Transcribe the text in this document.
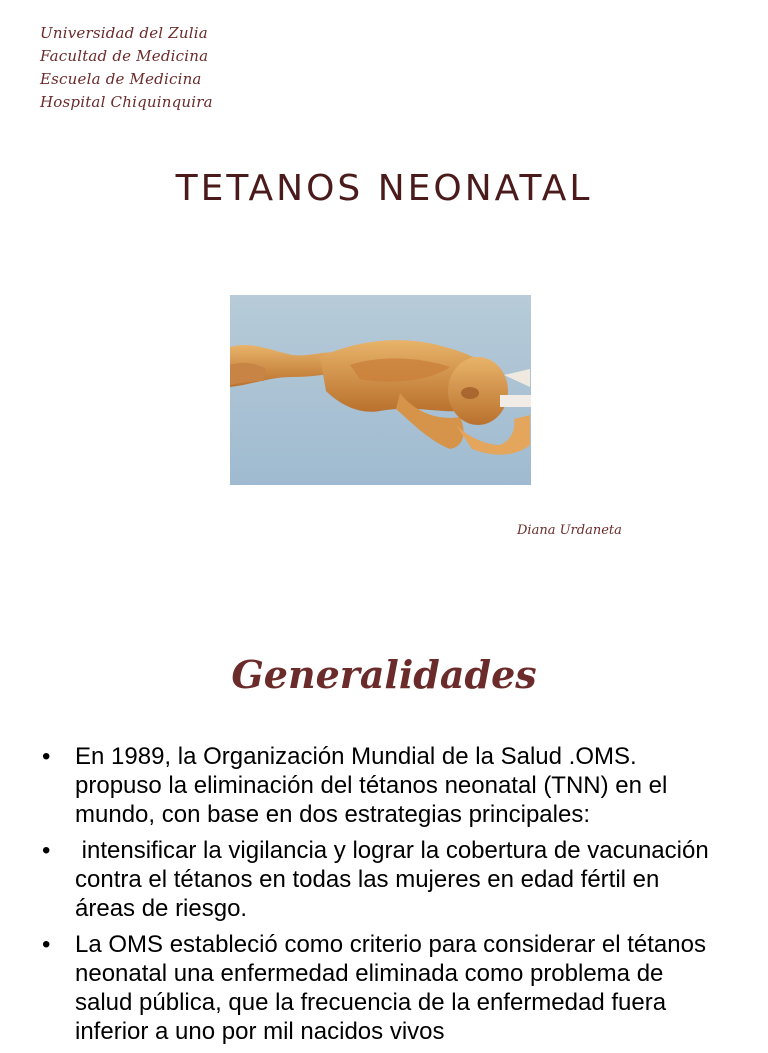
Universidad del Zulia
Facultad de Medicina
Escuela de Medicina
Hospital Chiquinquira
TETANOS NEONATAL
Diana Urdaneta
Generalidades
• En 1989, la Organización Mundial de la Salud .OMS. propuso la eliminación del tétanos neonatal (TNN) en el mundo, con base en dos estrategias principales:
• intensificar la vigilancia y lograr la cobertura de vacunación contra el tétanos en todas las mujeres en edad fértil en áreas de riesgo.
• La OMS estableció como criterio para considerar el tétanos neonatal una enfermedad eliminada como problema de salud pública, que la frecuencia de la enfermedad fuera inferior a uno por mil nacidos vivos
